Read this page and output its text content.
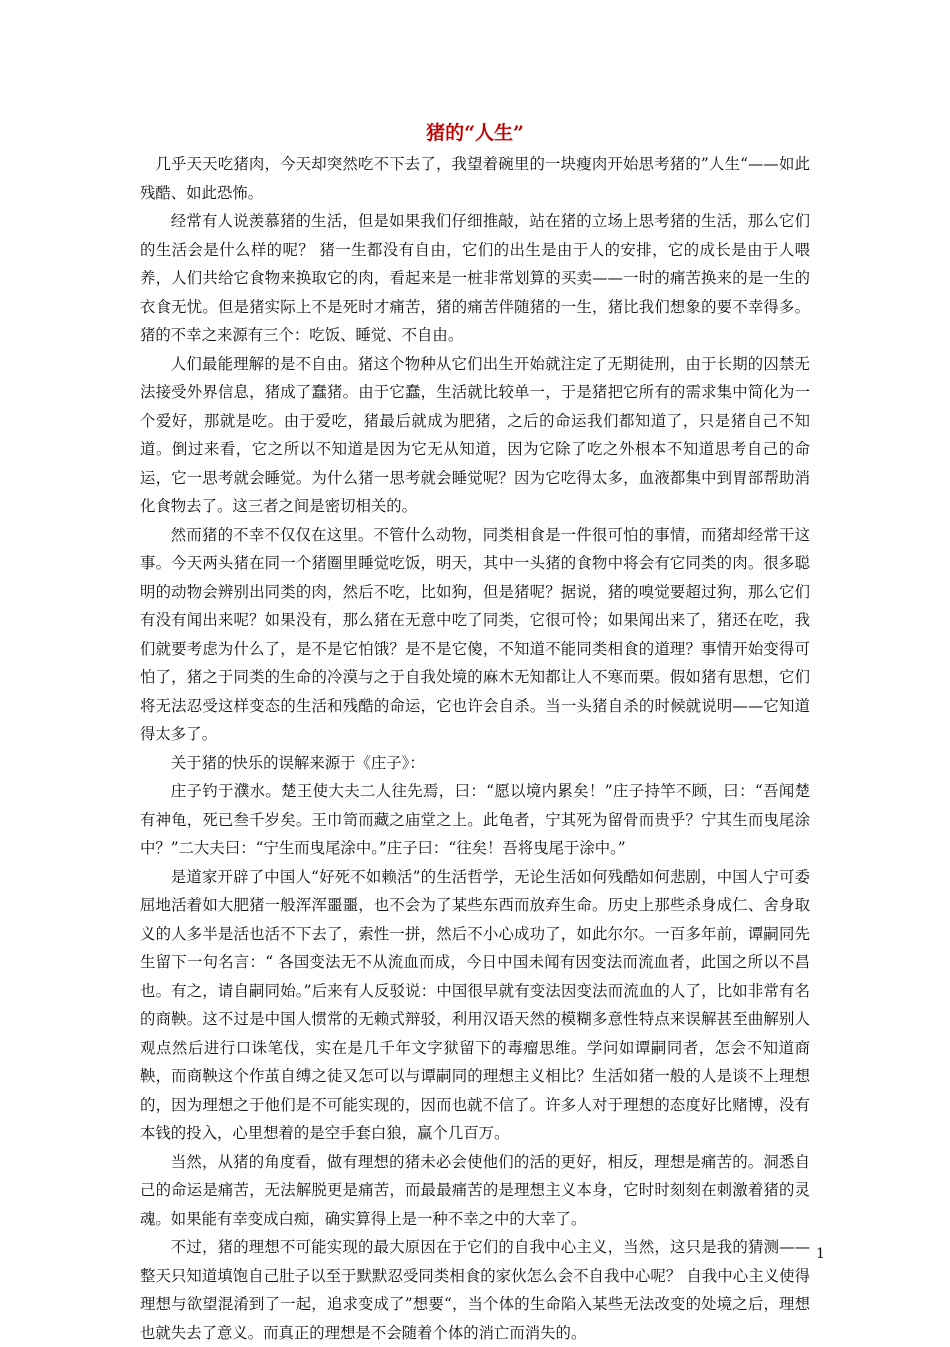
猪的“人生”

几乎天天吃猪肉，今天却突然吃不下去了，我望着碗里的一块瘦肉开始思考猪的”人生“——如此残酷、如此恐怖。

经常有人说羡慕猪的生活，但是如果我们仔细推敲，站在猪的立场上思考猪的生活，那么它们的生活会是什么样的呢？ 猪一生都没有自由，它们的出生是由于人的安排，它的成长是由于人喂养，人们共给它食物来换取它的肉，看起来是一桩非常划算的买卖——一时的痛苦换来的是一生的衣食无忧。但是猪实际上不是死时才痛苦，猪的痛苦伴随猪的一生，猪比我们想象的要不幸得多。猪的不幸之来源有三个：吃饭、睡觉、不自由。

人们最能理解的是不自由。猪这个物种从它们出生开始就注定了无期徒刑，由于长期的囚禁无法接受外界信息，猪成了蠢猪。由于它蠢，生活就比较单一，于是猪把它所有的需求集中简化为一个爱好，那就是吃。由于爱吃，猪最后就成为肥猪，之后的命运我们都知道了，只是猪自己不知道。倒过来看，它之所以不知道是因为它无从知道，因为它除了吃之外根本不知道思考自己的命运，它一思考就会睡觉。为什么猪一思考就会睡觉呢？因为它吃得太多，血液都集中到胃部帮助消化食物去了。这三者之间是密切相关的。

然而猪的不幸不仅仅在这里。不管什么动物，同类相食是一件很可怕的事情，而猪却经常干这事。今天两头猪在同一个猪圈里睡觉吃饭，明天，其中一头猪的食物中将会有它同类的肉。很多聪明的动物会辨别出同类的肉，然后不吃，比如狗，但是猪呢？据说，猪的嗅觉要超过狗，那么它们有没有闻出来呢？如果没有，那么猪在无意中吃了同类，它很可怜；如果闻出来了，猪还在吃，我们就要考虑为什么了，是不是它怕饿？是不是它傻，不知道不能同类相食的道理？事情开始变得可怕了，猪之于同类的生命的冷漠与之于自我处境的麻木无知都让人不寒而栗。假如猪有思想，它们将无法忍受这样变态的生活和残酷的命运，它也许会自杀。当一头猪自杀的时候就说明——它知道得太多了。

关于猪的快乐的误解来源于《庄子》：

庄子钓于濮水。楚王使大夫二人往先焉，曰：“愿以境内累矣！”庄子持竿不顾，曰：“吾闻楚有神龟，死已叁千岁矣。王巾笥而藏之庙堂之上。此龟者，宁其死为留骨而贵乎？宁其生而曳尾涂中？”二大夫曰：“宁生而曳尾涂中。”庄子曰：“往矣！吾将曳尾于涂中。”

是道家开辟了中国人“好死不如赖活”的生活哲学，无论生活如何残酷如何悲剧，中国人宁可委屈地活着如大肥猪一般浑浑噩噩，也不会为了某些东西而放弃生命。历史上那些杀身成仁、舍身取义的人多半是活也活不下去了，索性一拼，然后不小心成功了，如此尔尔。一百多年前，谭嗣同先生留下一句名言：“ 各国变法无不从流血而成，今日中国未闻有因变法而流血者，此国之所以不昌也。有之，请自嗣同始。”后来有人反驳说：中国很早就有变法因变法而流血的人了，比如非常有名的商鞅。这不过是中国人惯常的无赖式辩驳，利用汉语天然的模糊多意性特点来误解甚至曲解别人观点然后进行口诛笔伐，实在是几千年文字狱留下的毒瘤思维。学问如谭嗣同者，怎会不知道商鞅，而商鞅这个作茧自缚之徒又怎可以与谭嗣同的理想主义相比？生活如猪一般的人是谈不上理想的，因为理想之于他们是不可能实现的，因而也就不信了。许多人对于理想的态度好比赌博，没有本钱的投入，心里想着的是空手套白狼，赢个几百万。

当然，从猪的角度看，做有理想的猪未必会使他们的活的更好，相反，理想是痛苦的。洞悉自己的命运是痛苦，无法解脱更是痛苦，而最最痛苦的是理想主义本身，它时时刻刻在刺激着猪的灵魂。如果能有幸变成白痴，确实算得上是一种不幸之中的大幸了。

不过，猪的理想不可能实现的最大原因在于它们的自我中心主义，当然，这只是我的猜测——整天只知道填饱自己肚子以至于默默忍受同类相食的家伙怎么会不自我中心呢？ 自我中心主义使得理想与欲望混淆到了一起，追求变成了”想要“，当个体的生命陷入某些无法改变的处境之后，理想也就失去了意义。而真正的理想是不会随着个体的消亡而消失的。

1
